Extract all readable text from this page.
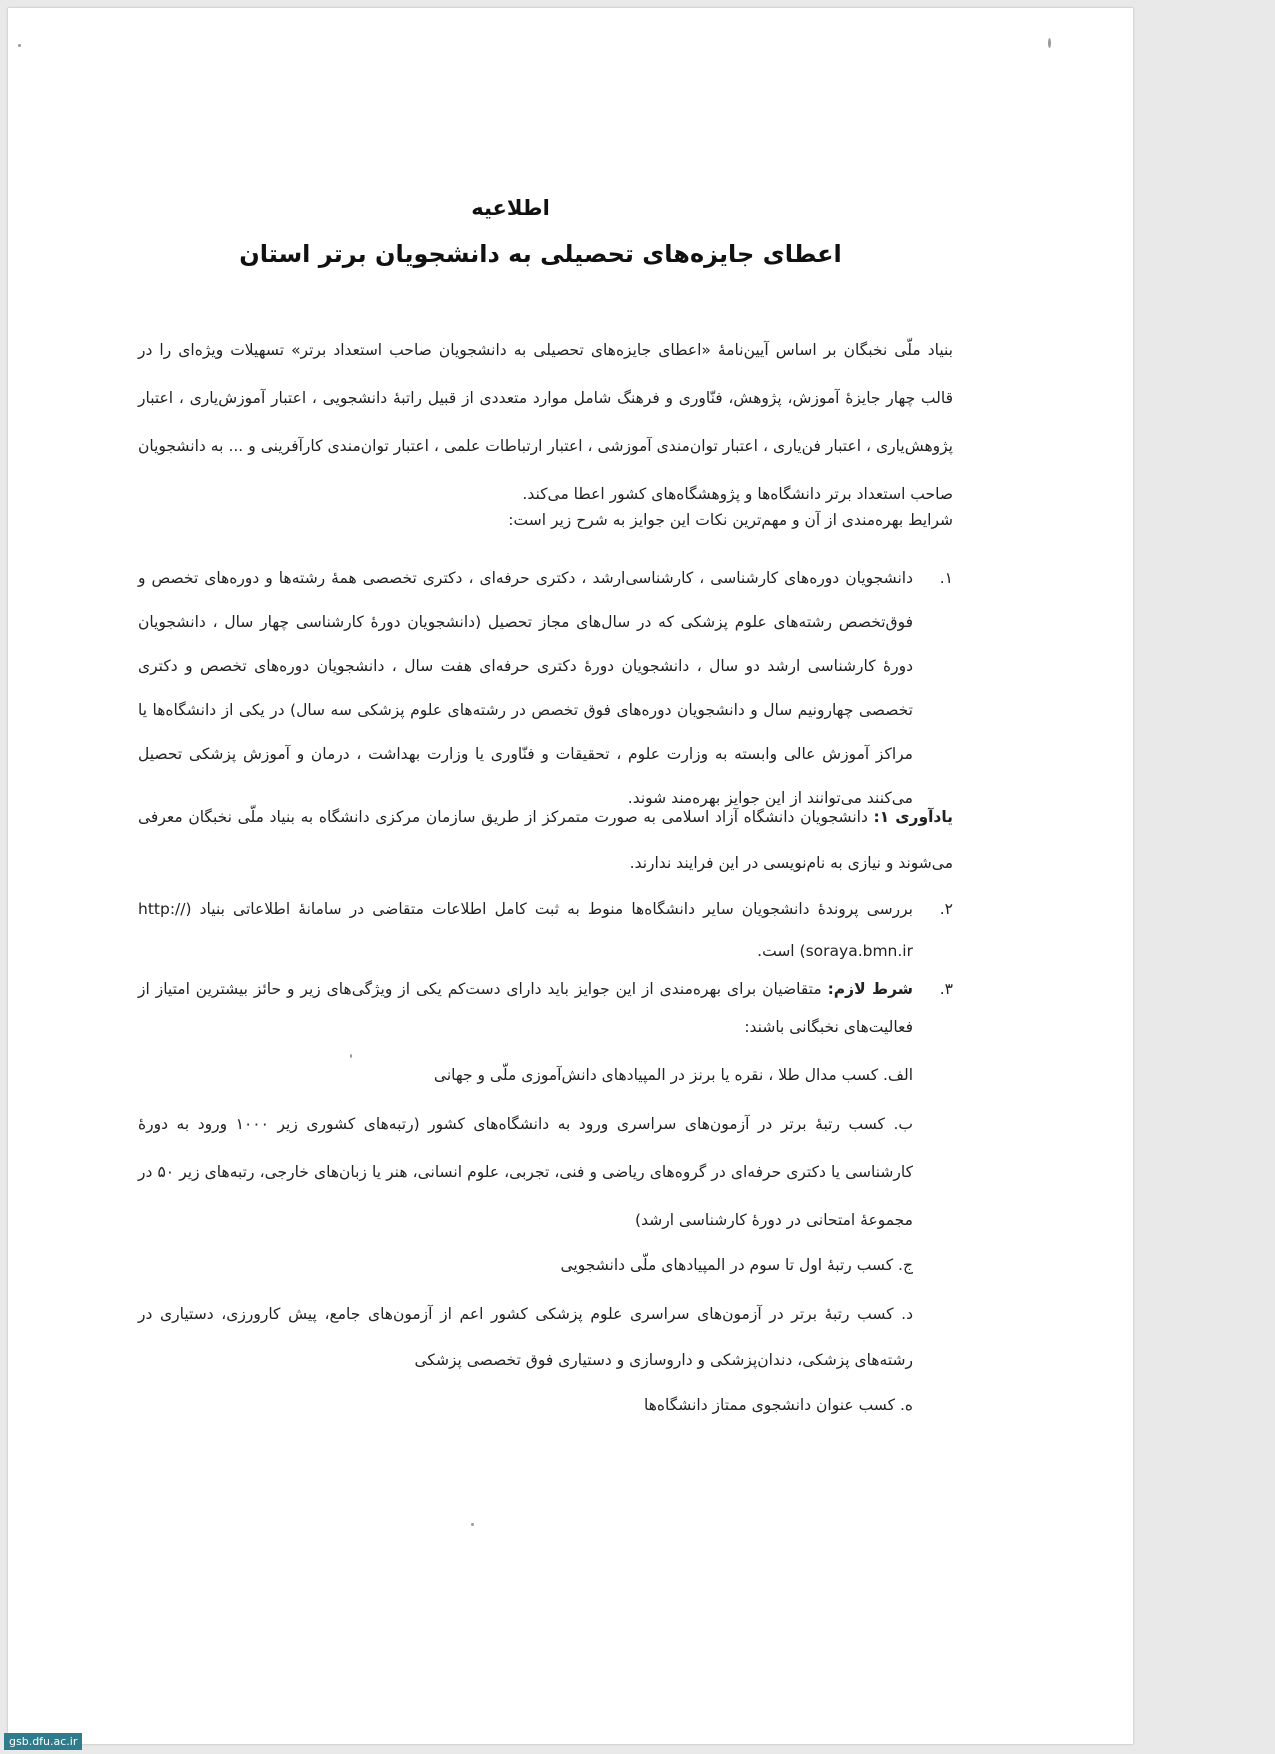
اطلاعیه
اعطای جایزه‌های تحصیلی به دانشجویان برتر استان
بنیاد ملّی نخبگان بر اساس آیین‌نامهٔ «اعطای جایزه‌های تحصیلی به دانشجویان صاحب استعداد برتر» تسهیلات ویژه‌ای را در قالب چهار جایزهٔ آموزش، پژوهش، فنّاوری و فرهنگ شامل موارد متعددی از قبیل راتبهٔ دانشجویی ، اعتبار آموزش‌یاری ، اعتبار پژوهش‌یاری ، اعتبار فن‌یاری ، اعتبار توان‌مندی آموزشی ، اعتبار ارتباطات علمی ، اعتبار توان‌مندی کارآفرینی و ... به دانشجویان صاحب استعداد برتر دانشگاه‌ها و پژوهشگاه‌های کشور اعطا می‌کند.
شرایط بهره‌مندی از آن و مهم‌ترین نکات این جوایز به شرح زیر است:
۱.
دانشجویان دوره‌های کارشناسی ، کارشناسی‌ارشد ، دکتری حرفه‌ای ، دکتری تخصصی همهٔ رشته‌ها و دوره‌های تخصص و فوق‌تخصص رشته‌های علوم پزشکی که در سال‌های مجاز تحصیل (دانشجویان دورهٔ کارشناسی چهار سال ، دانشجویان دورهٔ کارشناسی ارشد دو سال ، دانشجویان دورهٔ دکتری حرفه‌ای هفت سال ، دانشجویان دوره‌های تخصص و دکتری تخصصی چهارونیم سال و دانشجویان دوره‌های فوق تخصص در رشته‌های علوم پزشکی سه سال) در یکی از دانشگاه‌ها یا مراکز آموزش عالی وابسته به وزارت علوم ، تحقیقات و فنّاوری یا وزارت بهداشت ، درمان و آموزش پزشکی تحصیل می‌کنند می‌توانند از این جوایز بهره‌مند شوند.
یادآوری ۱: دانشجویان دانشگاه آزاد اسلامی به صورت متمرکز از طریق سازمان مرکزی دانشگاه به بنیاد ملّی نخبگان معرفی می‌شوند و نیازی به نام‌نویسی در این فرایند ندارند.
۲.
بررسی پروندهٔ دانشجویان سایر دانشگاه‌ها منوط به ثبت کامل اطلاعات متقاضی در سامانهٔ اطلاعاتی بنیاد (http:// soraya.bmn.ir) است.
۳.
شرط لازم: متقاضیان برای بهره‌مندی از این جوایز باید دارای دست‌کم یکی از ویژگی‌های زیر و حائز بیشترین امتیاز از فعالیت‌های نخبگانی باشند:
الف. کسب مدال طلا ، نقره یا برنز در المپیادهای دانش‌آموزی ملّی و جهانی
ب. کسب رتبهٔ برتر در آزمون‌های سراسری ورود به دانشگاه‌های کشور (رتبه‌های کشوری زیر ۱۰۰۰ ورود به دورهٔ کارشناسی یا دکتری حرفه‌ای در گروه‌های ریاضی و فنی، تجربی، علوم انسانی، هنر یا زبان‌های خارجی، رتبه‌های زیر ۵۰ در مجموعهٔ امتحانی در دورهٔ کارشناسی ارشد)
ج. کسب رتبهٔ اول تا سوم در المپیادهای ملّی دانشجویی
د. کسب رتبهٔ برتر در آزمون‌های سراسری علوم پزشکی کشور اعم از آزمون‌های جامع، پیش کارورزی، دستیاری در رشته‌های پزشکی، دندان‌پزشکی و داروسازی و دستیاری فوق تخصصی پزشکی
ه. کسب عنوان دانشجوی ممتاز دانشگاه‌ها
gsb.dfu.ac.ir
